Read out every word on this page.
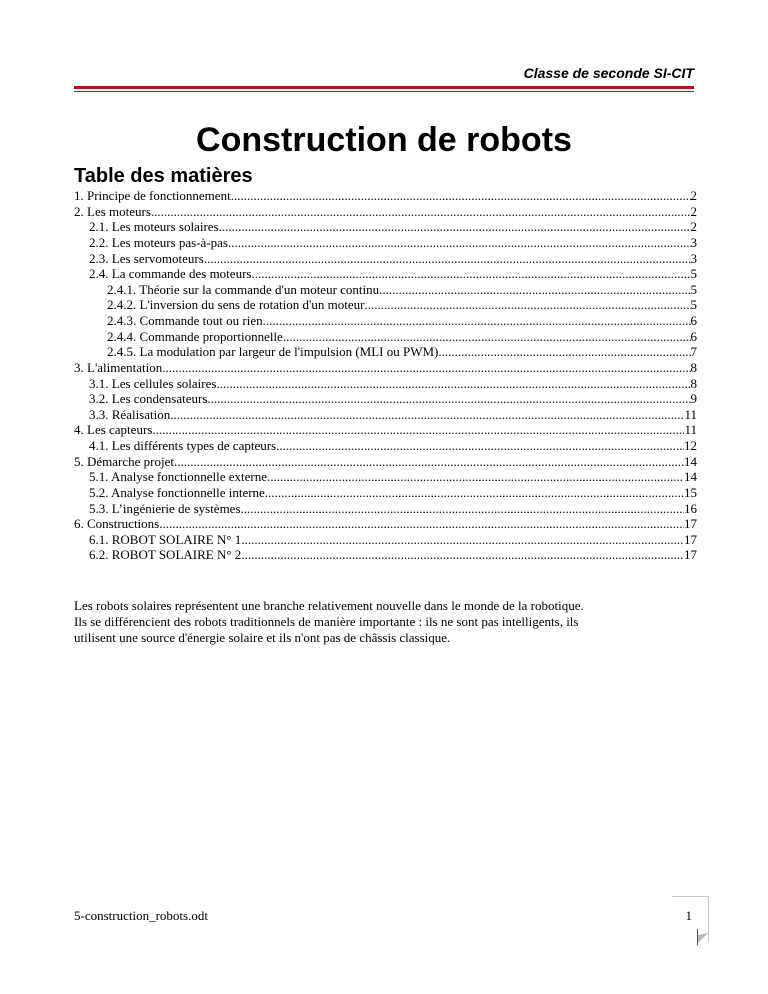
Classe de seconde SI-CIT
Construction de robots
Table des matières
1. Principe de fonctionnement .....	2
2. Les moteurs .....	2
2.1. Les moteurs solaires .....	2
2.2. Les moteurs pas-à-pas .....	3
2.3. Les servomoteurs .....	3
2.4. La commande des moteurs .....	5
2.4.1. Théorie sur la commande d'un moteur continu .....	5
2.4.2. L'inversion du sens de rotation d'un moteur .....	5
2.4.3. Commande tout ou rien .....	6
2.4.4. Commande proportionnelle .....	6
2.4.5. La modulation par largeur de l'impulsion (MLI ou PWM) .....	7
3. L'alimentation .....	8
3.1. Les cellules solaires .....	8
3.2. Les condensateurs .....	9
3.3. Réalisation .....	11
4. Les capteurs .....	11
4.1. Les différents types de capteurs .....	12
5. Démarche projet .....	14
5.1. Analyse fonctionnelle externe .....	14
5.2. Analyse fonctionnelle interne .....	15
5.3. L’ingénierie de systèmes .....	16
6. Constructions .....	17
6.1. ROBOT SOLAIRE N° 1 .....	17
6.2. ROBOT SOLAIRE N° 2 .....	17
Les robots solaires représentent une branche relativement nouvelle dans le monde de la robotique.
Ils se différencient des robots traditionnels de manière importante : ils ne sont pas intelligents, ils
utilisent une source d'énergie solaire et ils n'ont pas de châssis classique.
5-construction_robots.odt	1
